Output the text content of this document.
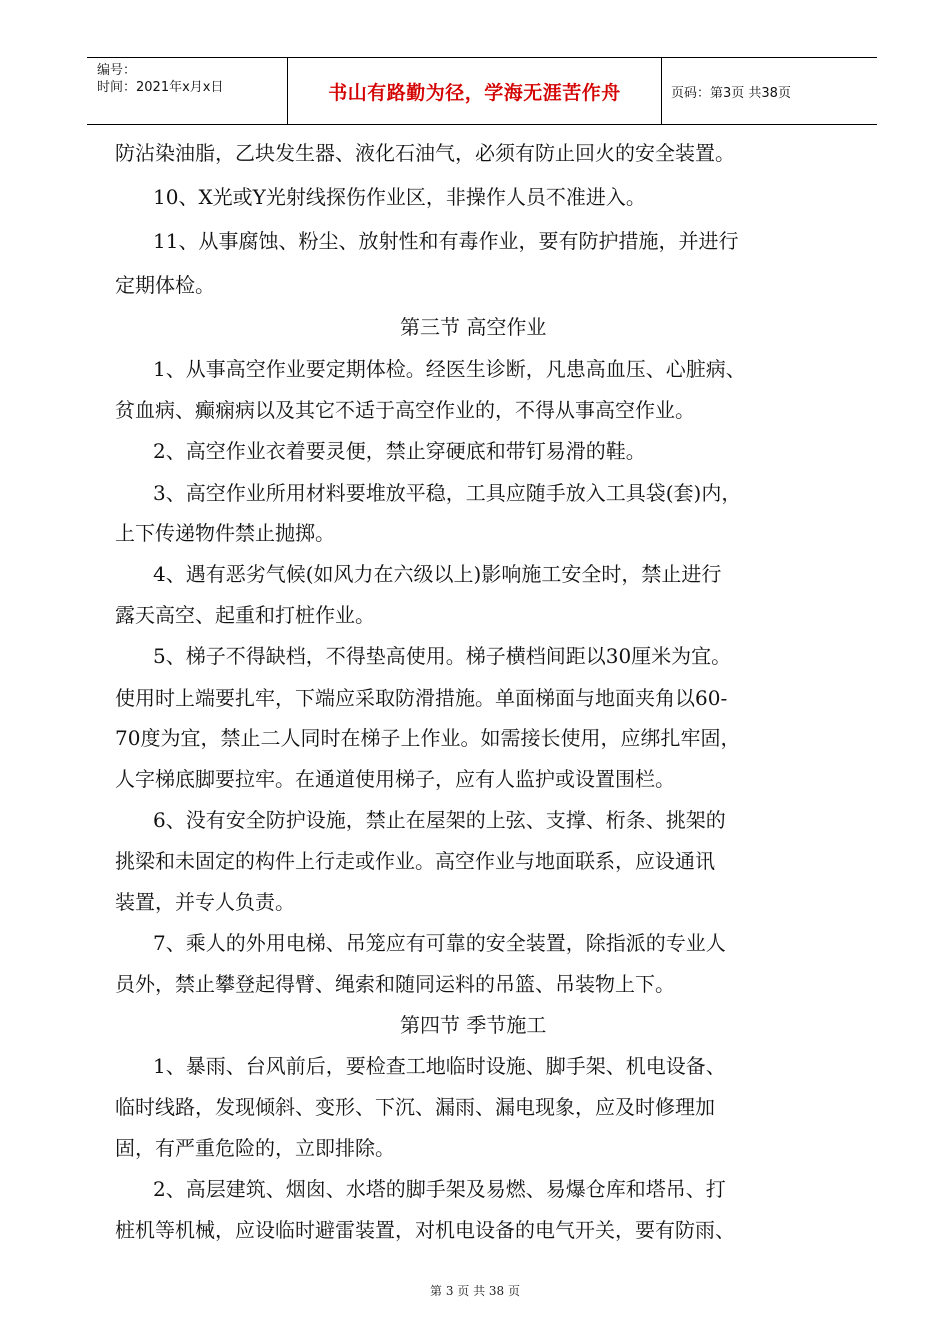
编号：
时间：2021年x月x日	书山有路勤为径，学海无涯苦作舟	页码：第3页 共38页
防沾染油脂，乙块发生器、液化石油气，必须有防止回火的安全装置。
10、X光或Y光射线探伤作业区，非操作人员不准进入。
11、从事腐蚀、粉尘、放射性和有毒作业，要有防护措施，并进行
定期体检。
第三节 高空作业
1、从事高空作业要定期体检。经医生诊断，凡患高血压、心脏病、
贫血病、癫痫病以及其它不适于高空作业的，不得从事高空作业。
2、高空作业衣着要灵便，禁止穿硬底和带钉易滑的鞋。
3、高空作业所用材料要堆放平稳，工具应随手放入工具袋(套)内，
上下传递物件禁止抛掷。
4、遇有恶劣气候(如风力在六级以上)影响施工安全时，禁止进行
露天高空、起重和打桩作业。
5、梯子不得缺档，不得垫高使用。梯子横档间距以30厘米为宜。
使用时上端要扎牢，下端应采取防滑措施。单面梯面与地面夹角以60-
70度为宜，禁止二人同时在梯子上作业。如需接长使用，应绑扎牢固，
人字梯底脚要拉牢。在通道使用梯子，应有人监护或设置围栏。
6、没有安全防护设施，禁止在屋架的上弦、支撑、桁条、挑架的
挑梁和未固定的构件上行走或作业。高空作业与地面联系，应设通讯
装置，并专人负责。
7、乘人的外用电梯、吊笼应有可靠的安全装置，除指派的专业人
员外，禁止攀登起得臂、绳索和随同运料的吊篮、吊装物上下。
第四节 季节施工
1、暴雨、台风前后，要检查工地临时设施、脚手架、机电设备、
临时线路，发现倾斜、变形、下沉、漏雨、漏电现象，应及时修理加
固，有严重危险的，立即排除。
2、高层建筑、烟囱、水塔的脚手架及易燃、易爆仓库和塔吊、打
桩机等机械，应设临时避雷装置，对机电设备的电气开关，要有防雨、
第 3 页 共 38 页
